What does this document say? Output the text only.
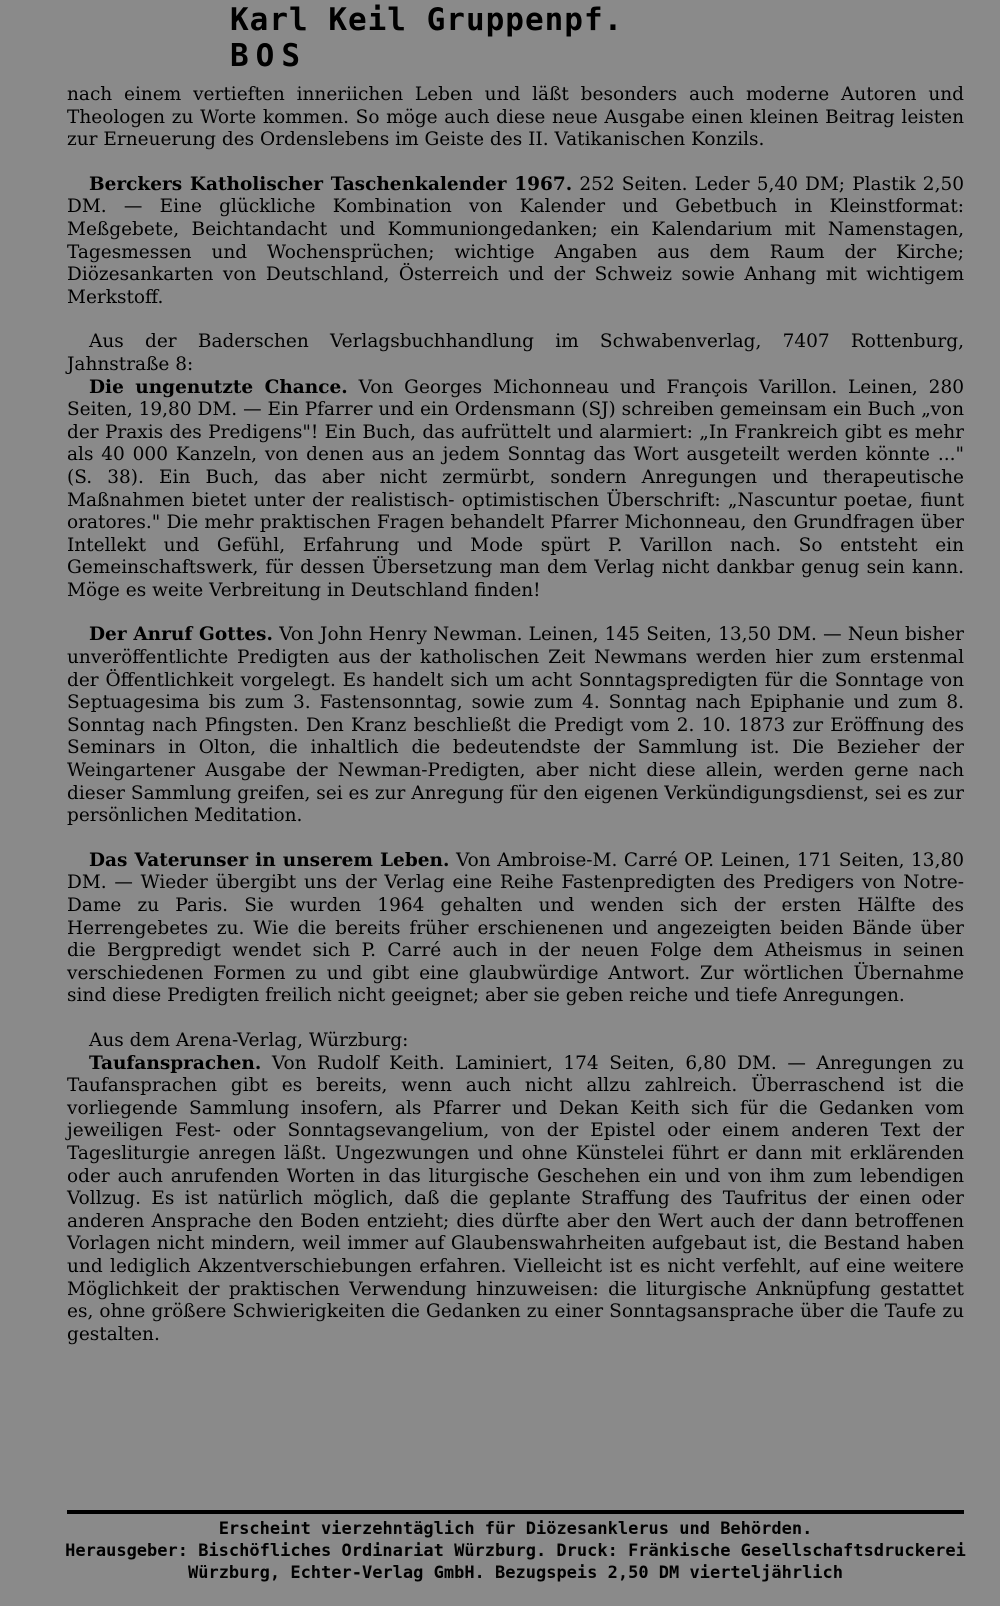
Karl Keil Gruppenpf.
BOS

nach einem vertieften inneriichen Leben und läßt besonders auch moderne Autoren und Theologen zu Worte kommen. So möge auch diese neue Ausgabe einen kleinen Beitrag leisten zur Erneuerung des Ordenslebens im Geiste des II. Vatikanischen Konzils.

Berckers Katholischer Taschenkalender 1967. 252 Seiten. Leder 5,40 DM; Plastik 2,50 DM. — Eine glückliche Kombination von Kalender und Gebetbuch in Kleinstformat: Meßgebete, Beichtandacht und Kommuniongedanken; ein Kalendarium mit Namenstagen, Tagesmessen und Wochensprüchen; wichtige Angaben aus dem Raum der Kirche; Diözesankarten von Deutschland, Österreich und der Schweiz sowie Anhang mit wichtigem Merkstoff.

Aus der Baderschen Verlagsbuchhandlung im Schwabenverlag, 7407 Rottenburg, Jahnstraße 8:

Die ungenutzte Chance. Von Georges Michonneau und François Varillon. Leinen, 280 Seiten, 19,80 DM. — Ein Pfarrer und ein Ordensmann (SJ) schreiben gemeinsam ein Buch „von der Praxis des Predigens"! Ein Buch, das aufrüttelt und alarmiert: „In Frankreich gibt es mehr als 40 000 Kanzeln, von denen aus an jedem Sonntag das Wort ausgeteilt werden könnte ..." (S. 38). Ein Buch, das aber nicht zermürbt, sondern Anregungen und therapeutische Maßnahmen bietet unter der realistisch- optimistischen Überschrift: „Nascuntur poetae, fiunt oratores." Die mehr praktischen Fragen behandelt Pfarrer Michonneau, den Grundfragen über Intellekt und Gefühl, Erfahrung und Mode spürt P. Varillon nach. So entsteht ein Gemeinschaftswerk, für dessen Übersetzung man dem Verlag nicht dankbar genug sein kann. Möge es weite Verbreitung in Deutschland finden!

Der Anruf Gottes. Von John Henry Newman. Leinen, 145 Seiten, 13,50 DM. — Neun bisher unveröffentlichte Predigten aus der katholischen Zeit Newmans werden hier zum erstenmal der Öffentlichkeit vorgelegt. Es handelt sich um acht Sonntagspredigten für die Sonntage von Septuagesima bis zum 3. Fastensonntag, sowie zum 4. Sonntag nach Epiphanie und zum 8. Sonntag nach Pfingsten. Den Kranz beschließt die Predigt vom 2. 10. 1873 zur Eröffnung des Seminars in Olton, die inhaltlich die bedeutendste der Sammlung ist. Die Bezieher der Weingartener Ausgabe der Newman-Predigten, aber nicht diese allein, werden gerne nach dieser Sammlung greifen, sei es zur Anregung für den eigenen Verkündigungsdienst, sei es zur persönlichen Meditation.

Das Vaterunser in unserem Leben. Von Ambroise-M. Carré OP. Leinen, 171 Seiten, 13,80 DM. — Wieder übergibt uns der Verlag eine Reihe Fastenpredigten des Predigers von Notre-Dame zu Paris. Sie wurden 1964 gehalten und wenden sich der ersten Hälfte des Herrengebetes zu. Wie die bereits früher erschienenen und angezeigten beiden Bände über die Bergpredigt wendet sich P. Carré auch in der neuen Folge dem Atheismus in seinen verschiedenen Formen zu und gibt eine glaubwürdige Antwort. Zur wörtlichen Übernahme sind diese Predigten freilich nicht geeignet; aber sie geben reiche und tiefe Anregungen.

Aus dem Arena-Verlag, Würzburg:

Taufansprachen. Von Rudolf Keith. Laminiert, 174 Seiten, 6,80 DM. — Anregungen zu Taufansprachen gibt es bereits, wenn auch nicht allzu zahlreich. Überraschend ist die vorliegende Sammlung insofern, als Pfarrer und Dekan Keith sich für die Gedanken vom jeweiligen Fest- oder Sonntagsevangelium, von der Epistel oder einem anderen Text der Tagesliturgie anregen läßt. Ungezwungen und ohne Künstelei führt er dann mit erklärenden oder auch anrufenden Worten in das liturgische Geschehen ein und von ihm zum lebendigen Vollzug. Es ist natürlich möglich, daß die geplante Straffung des Taufritus der einen oder anderen Ansprache den Boden entzieht; dies dürfte aber den Wert auch der dann betroffenen Vorlagen nicht mindern, weil immer auf Glaubenswahrheiten aufgebaut ist, die Bestand haben und lediglich Akzentverschiebungen erfahren. Vielleicht ist es nicht verfehlt, auf eine weitere Möglichkeit der praktischen Verwendung hinzuweisen: die liturgische Anknüpfung gestattet es, ohne größere Schwierigkeiten die Gedanken zu einer Sonntagsansprache über die Taufe zu gestalten.

Erscheint vierzehntäglich für Diözesanklerus und Behörden.
Herausgeber: Bischöfliches Ordinariat Würzburg. Druck: Fränkische Gesellschaftsdruckerei Würzburg, Echter-Verlag GmbH. Bezugspeis 2,50 DM vierteljährlich
